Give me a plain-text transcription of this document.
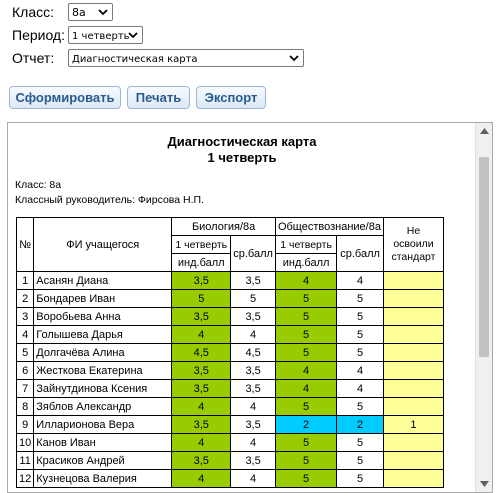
Класс:	8а
Период: 1 четверть
Отчет:	Диагностическая карта
Сформировать	Печать	Экспорт
Диагностическая карта
1 четверть
Класс: 8а
Классный руководитель: Фирсова Н.П.
№	ФИ учащегося	Биология/8а		Обществознание/8а		Не освоили стандарт
		1 четверть	ср.балл	1 четверть	ср.балл	
		инд.балл		инд.балл		
1	Асанян Диана	3,5	3,5	4	4	
2	Бондарев Иван	5	5	5	5	
3	Воробьева Анна	3,5	3,5	5	5	
4	Голышева Дарья	4	4	5	5	
5	Долгачёва Алина	4,5	4,5	5	5	
6	Жесткова Екатерина	3,5	3,5	4	4	
7	Зайнутдинова Ксения	3,5	3,5	4	4	
8	Зяблов Александр	4	4	5	5	
9	Илларионова Вера	3,5	3,5	2	2	1
10	Канов Иван	4	4	5	5	
11	Красиков Андрей	3,5	3,5	5	5	
12	Кузнецова Валерия	4	4	5	5	
